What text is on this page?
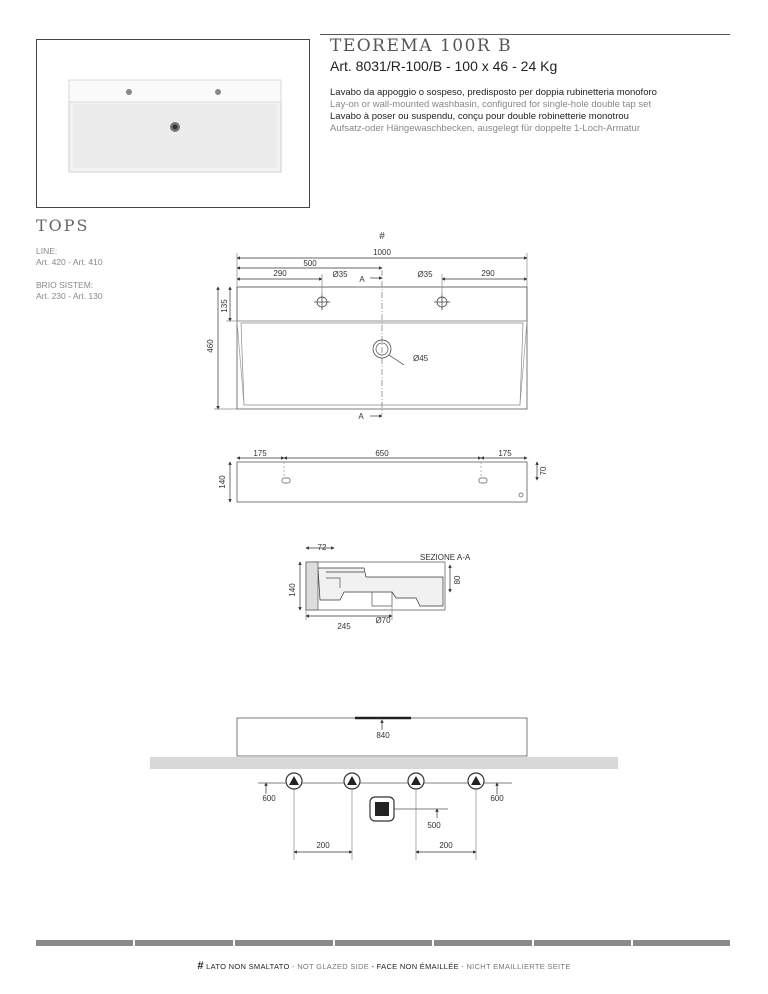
TEOREMA 100R B
Art. 8031/R-100/B - 100 x 46 - 24 Kg
Lavabo da appoggio o sospeso, predisposto per doppia rubinetteria monoforo
Lay-on or wall-mounted washbasin, configured for single-hole double tap set
Lavabo à poser ou suspendu, conçu pour double robinetterie monotrou
Aufsatz-oder Hängewaschbecken, ausgelegt für doppelte 1-Loch-Armatur
TOPS
LINE:
Art. 420 - Art. 410
BRIO SISTEM:
Art. 230 - Art. 130
#
1000
500
290	290
Ø35	Ø35
A
A
Ø45
135
460
175	650	175
140
70
72
SEZIONE A-A
140
80
Ø70
245
840
600	600
500
200	200
# LATO NON SMALTATO - NOT GLAZED SIDE - FACE NON ÉMAILLÉE - NICHT EMAILLIERTE SEITE
